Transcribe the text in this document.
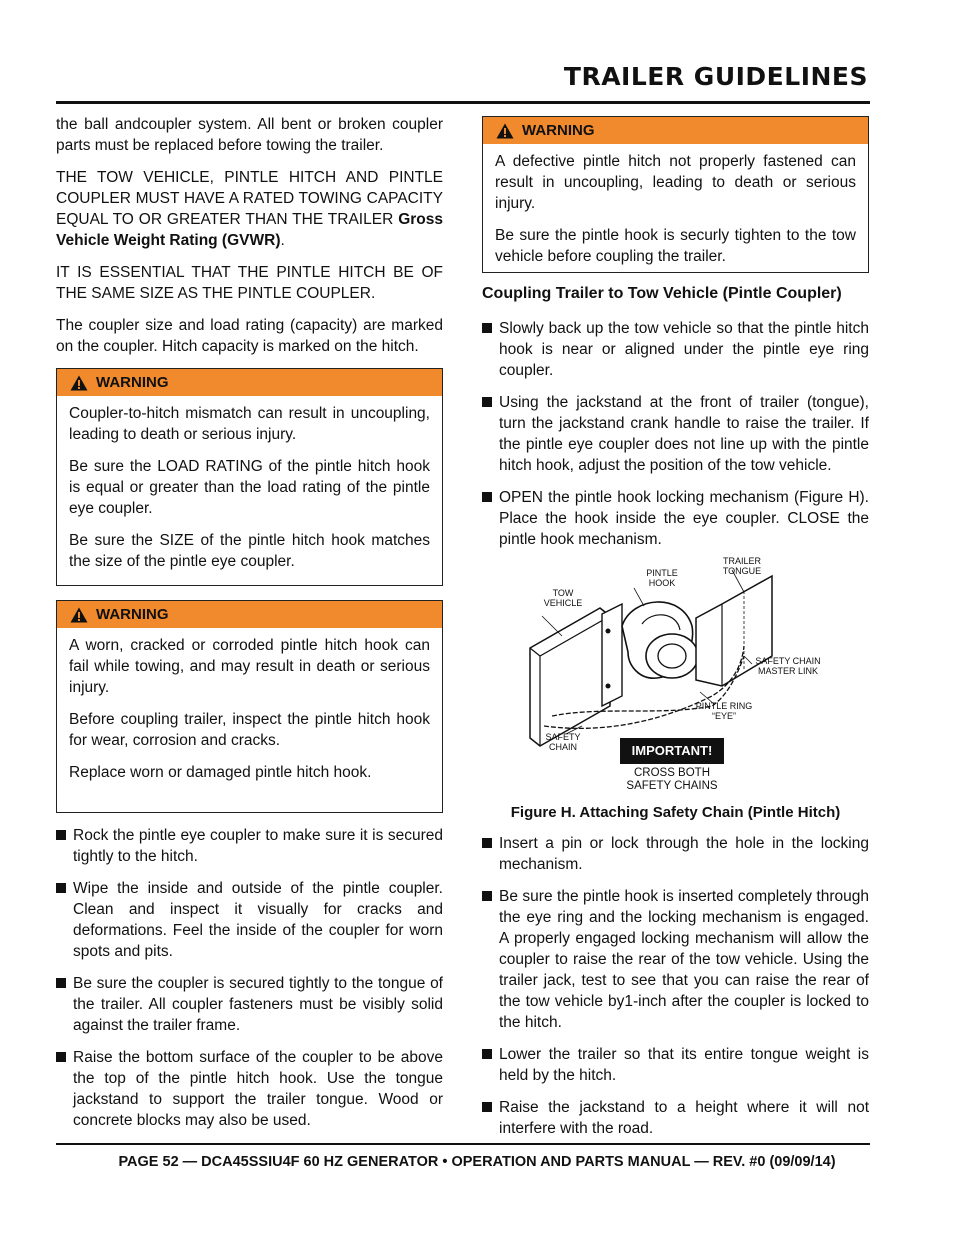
TRAILER GUIDELINES

the ball andcoupler system. All bent or broken coupler parts must be replaced before towing the trailer.

THE TOW VEHICLE, PINTLE HITCH AND PINTLE COUPLER MUST HAVE A RATED TOWING CAPACITY EQUAL TO OR GREATER THAN THE TRAILER Gross Vehicle Weight Rating (GVWR).

IT IS ESSENTIAL THAT THE PINTLE HITCH BE OF THE SAME SIZE AS THE PINTLE COUPLER.

The coupler size and load rating (capacity) are marked on the coupler. Hitch capacity is marked on the hitch.

WARNING

Coupler-to-hitch mismatch can result in uncoupling, leading to death or serious injury.

Be sure the LOAD RATING of the pintle hitch hook is equal or greater than the load rating of the pintle eye coupler.

Be sure the SIZE of the pintle hitch hook matches the size of the pintle eye coupler.

WARNING

A worn, cracked or corroded pintle hitch hook can fail while towing, and may result in death or serious injury.

Before coupling trailer, inspect the pintle hitch hook for wear, corrosion and cracks.

Replace worn or damaged pintle hitch hook.

Rock the pintle eye coupler to make sure it is secured tightly to the hitch.
Wipe the inside and outside of the pintle coupler. Clean and inspect it visually for cracks and deformations. Feel the inside of the coupler for worn spots and pits.
Be sure the coupler is secured tightly to the tongue of the trailer. All coupler fasteners must be visibly solid against the trailer frame.
Raise the bottom surface of the coupler to be above the top of the pintle hitch hook. Use the tongue jackstand to support the trailer tongue. Wood or concrete blocks may also be used.
WARNING

A defective pintle hitch not properly fastened can result in uncoupling, leading to death or serious injury.

Be sure the pintle hook is securly tighten to the tow vehicle before coupling the trailer.

Coupling Trailer to Tow Vehicle (Pintle Coupler)
Slowly back up the tow vehicle so that the pintle hitch hook is near or aligned under the pintle eye ring coupler.
Using the jackstand at the front of trailer (tongue), turn the jackstand crank handle to raise the trailer. If the pintle eye coupler does not line up with the pintle hitch hook, adjust the position of the tow vehicle.
OPEN the pintle hook locking mechanism (Figure H). Place the hook inside the eye coupler. CLOSE the pintle hook mechanism.
TRAILER TONGUE
PINTLE HOOK
TOW VEHICLE
SAFETY CHAIN MASTER LINK
PINTLE RING “EYE”
SAFETY CHAIN	IMPORTANT!
CROSS BOTH SAFETY CHAINS
Figure H. Attaching Safety Chain (Pintle Hitch)
Insert a pin or lock through the hole in the locking mechanism.
Be sure the pintle hook is inserted completely through the eye ring and the locking mechanism is engaged. A properly engaged locking mechanism will allow the coupler to raise the rear of the tow vehicle. Using the trailer jack, test to see that you can raise the rear of the tow vehicle by1-inch after the coupler is locked to the hitch.
Lower the trailer so that its entire tongue weight is held by the hitch.
Raise the jackstand to a height where it will not interfere with the road.

PAGE 52 — DCA45SSIU4F 60 HZ GENERATOR • OPERATION AND PARTS MANUAL — REV. #0 (09/09/14)
